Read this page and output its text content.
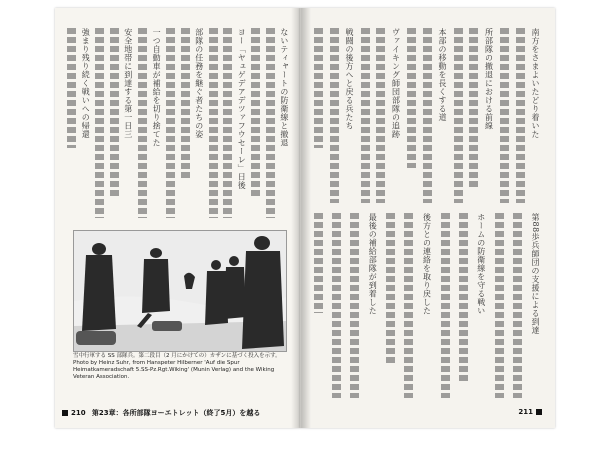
ないティャートの防衛線と撤退
ヨー「ヤュゲデアデツァフウセーレ」日後
部隊の任務を継ぐ者たちの姿
一つ自動車が補給を切り捨てた
安全地帯に到達する第一日三
強まり残り続く戦いへの帰還
雪中行軍する SS 部隊兵。第二段目（2 月にかけての）カザンに基づく投入を示す。Photo by Heinz Suhr, from Hanspeter Hilberner 'Auf die Spur Heimatkameradschaft 5.SS-Pz.Rgt.Wiking' (Munin Verlag) and the Wiking Veteran Association.
210 第23章：各所部隊ヨーエトレット（終了5月）を越る
南方をさまよいたどり着いた
所部隊の撤退における前線
本部の移動を長くする道
ヴァイキング師団部隊の追跡
戦闘の後方へと戻る兵たち
第88歩兵師団の支援による到達
ホームの防衛線を守る戦い
後方との連絡を取り戻した
最後の補給部隊が到着した
211
